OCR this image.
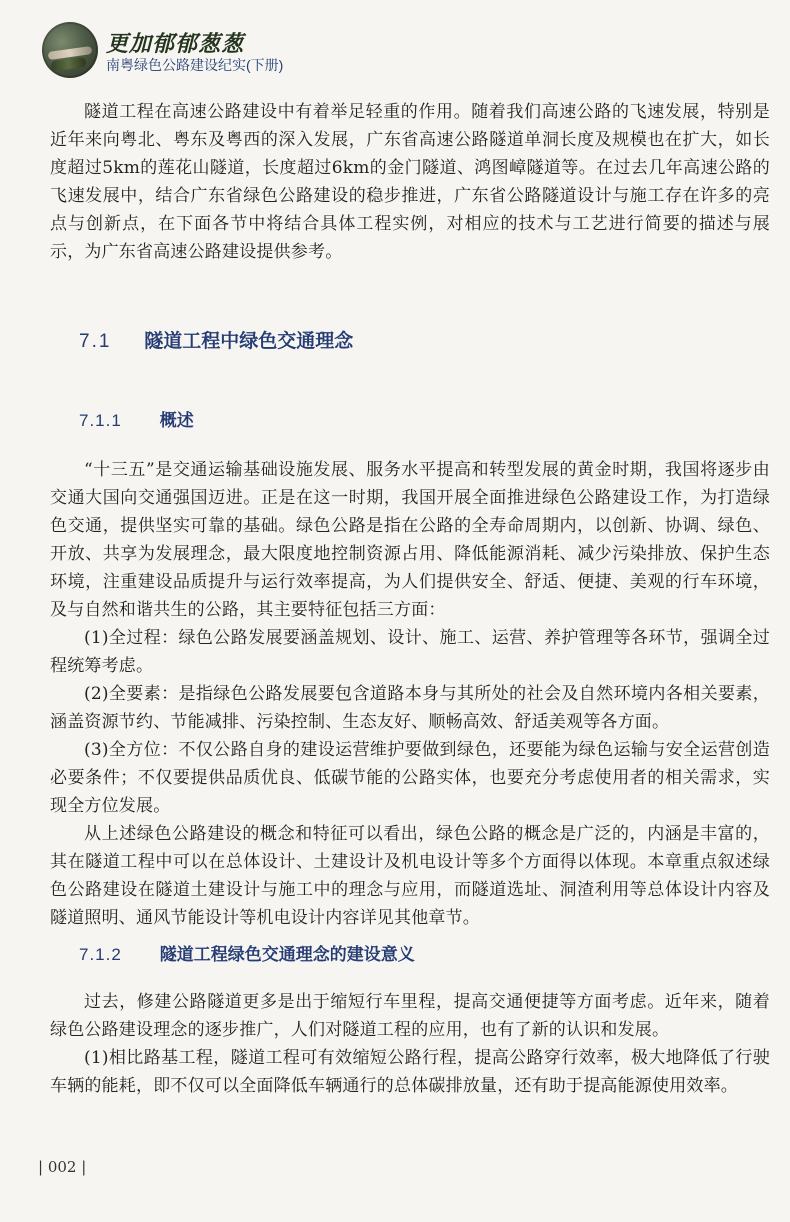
更加郁郁葱葱
南粤绿色公路建设纪实(下册)

隧道工程在高速公路建设中有着举足轻重的作用。随着我们高速公路的飞速发展，特别是近年来向粤北、粤东及粤西的深入发展，广东省高速公路隧道单洞长度及规模也在扩大，如长度超过5km的莲花山隧道，长度超过6km的金门隧道、鸿图嶂隧道等。在过去几年高速公路的飞速发展中，结合广东省绿色公路建设的稳步推进，广东省公路隧道设计与施工存在许多的亮点与创新点，在下面各节中将结合具体工程实例，对相应的技术与工艺进行简要的描述与展示，为广东省高速公路建设提供参考。

7.1 隧道工程中绿色交通理念
7.1.1 概述

“十三五”是交通运输基础设施发展、服务水平提高和转型发展的黄金时期，我国将逐步由交通大国向交通强国迈进。正是在这一时期，我国开展全面推进绿色公路建设工作，为打造绿色交通，提供坚实可靠的基础。绿色公路是指在公路的全寿命周期内，以创新、协调、绿色、开放、共享为发展理念，最大限度地控制资源占用、降低能源消耗、减少污染排放、保护生态环境，注重建设品质提升与运行效率提高，为人们提供安全、舒适、便捷、美观的行车环境，及与自然和谐共生的公路，其主要特征包括三方面：

(1)全过程：绿色公路发展要涵盖规划、设计、施工、运营、养护管理等各环节，强调全过程统筹考虑。

(2)全要素：是指绿色公路发展要包含道路本身与其所处的社会及自然环境内各相关要素，涵盖资源节约、节能减排、污染控制、生态友好、顺畅高效、舒适美观等各方面。

(3)全方位：不仅公路自身的建设运营维护要做到绿色，还要能为绿色运输与安全运营创造必要条件；不仅要提供品质优良、低碳节能的公路实体，也要充分考虑使用者的相关需求，实现全方位发展。

从上述绿色公路建设的概念和特征可以看出，绿色公路的概念是广泛的，内涵是丰富的，其在隧道工程中可以在总体设计、土建设计及机电设计等多个方面得以体现。本章重点叙述绿色公路建设在隧道土建设计与施工中的理念与应用，而隧道选址、洞渣利用等总体设计内容及隧道照明、通风节能设计等机电设计内容详见其他章节。

7.1.2 隧道工程绿色交通理念的建设意义

过去，修建公路隧道更多是出于缩短行车里程，提高交通便捷等方面考虑。近年来，随着绿色公路建设理念的逐步推广，人们对隧道工程的应用，也有了新的认识和发展。

(1)相比路基工程，隧道工程可有效缩短公路行程，提高公路穿行效率，极大地降低了行驶车辆的能耗，即不仅可以全面降低车辆通行的总体碳排放量，还有助于提高能源使用效率。

| 002 |
